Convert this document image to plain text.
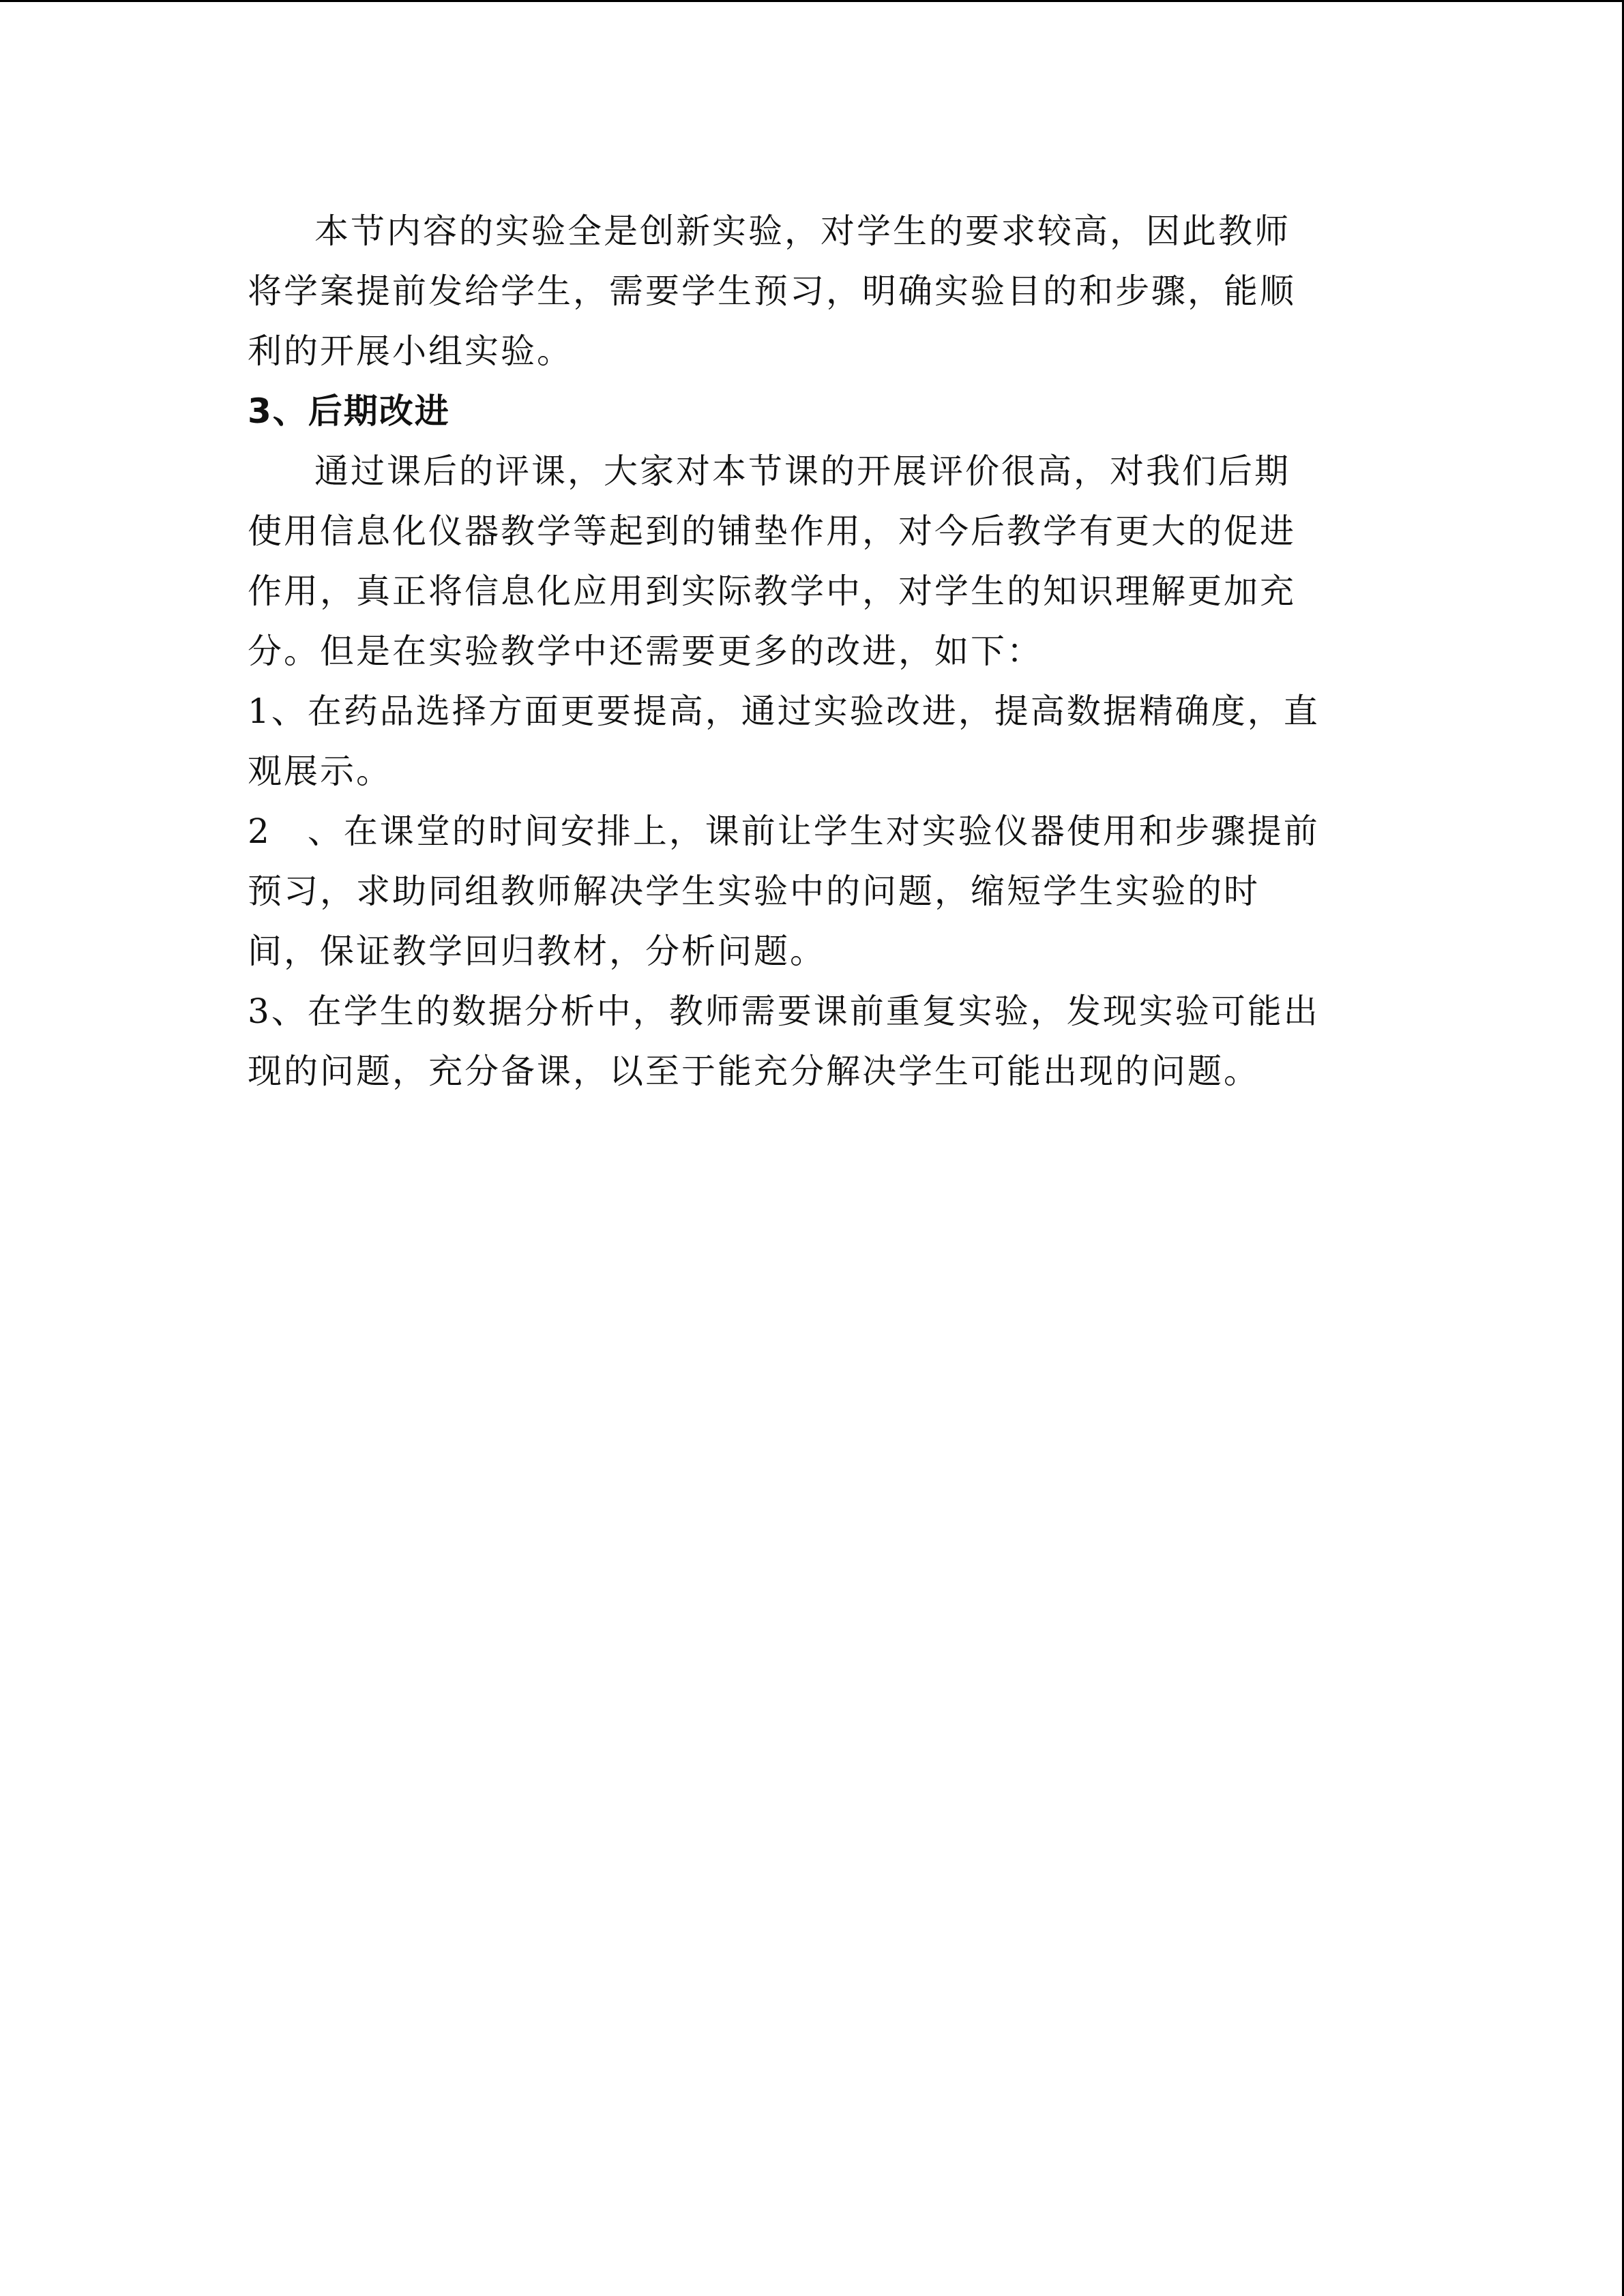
本节内容的实验全是创新实验，对学生的要求较高，因此教师
将学案提前发给学生，需要学生预习，明确实验目的和步骤，能顺
利的开展小组实验。
3、后期改进
通过课后的评课，大家对本节课的开展评价很高，对我们后期
使用信息化仪器教学等起到的铺垫作用，对今后教学有更大的促进
作用，真正将信息化应用到实际教学中，对学生的知识理解更加充
分。但是在实验教学中还需要更多的改进，如下：
1、在药品选择方面更要提高，通过实验改进，提高数据精确度，直
观展示。
2　、在课堂的时间安排上，课前让学生对实验仪器使用和步骤提前
预习，求助同组教师解决学生实验中的问题，缩短学生实验的时
间，保证教学回归教材，分析问题。
3、在学生的数据分析中，教师需要课前重复实验，发现实验可能出
现的问题，充分备课，以至于能充分解决学生可能出现的问题。
